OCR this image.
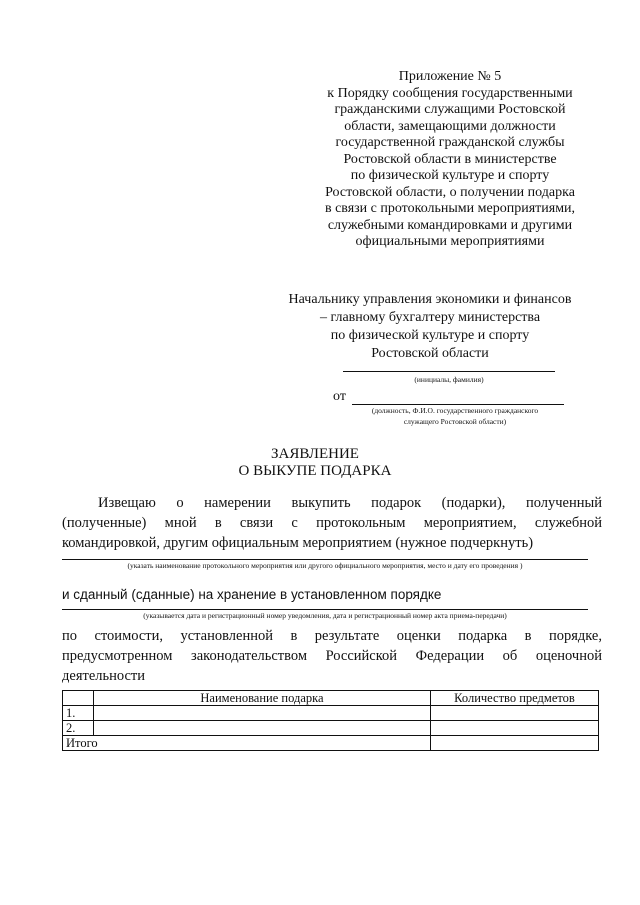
Приложение № 5
к Порядку сообщения государственными
гражданскими служащими Ростовской
области, замещающими должности
государственной гражданской службы
Ростовской области в министерстве
по физической культуре и спорту
Ростовской области, о получении подарка
в связи с протокольными мероприятиями,
служебными командировками и другими
официальными мероприятиями
Начальнику управления экономики и финансов
– главному бухгалтеру министерства
по физической культуре и спорту
Ростовской области
(инициалы, фамилия)
от
(должность, Ф.И.О. государственного гражданского
служащего Ростовской области)
ЗАЯВЛЕНИЕ
О ВЫКУПЕ ПОДАРКА
Извещаю о намерении выкупить подарок (подарки), полученный
(полученные) мной в связи с протокольным мероприятием, служебной
командировкой, другим официальным мероприятием (нужное подчеркнуть)
(указать наименование протокольного мероприятия или другого официального мероприятия, место и дату его проведения )
и сданный (сданные) на хранение в установленном порядке
(указывается дата и регистрационный номер уведомления, дата и регистрационный номер акта приема-передачи)
по стоимости, установленной в результате оценки подарка в порядке,
предусмотренном законодательством Российской Федерации об оценочной
деятельности
	Наименование подарка	Количество предметов
1.		
2.		
Итого		
